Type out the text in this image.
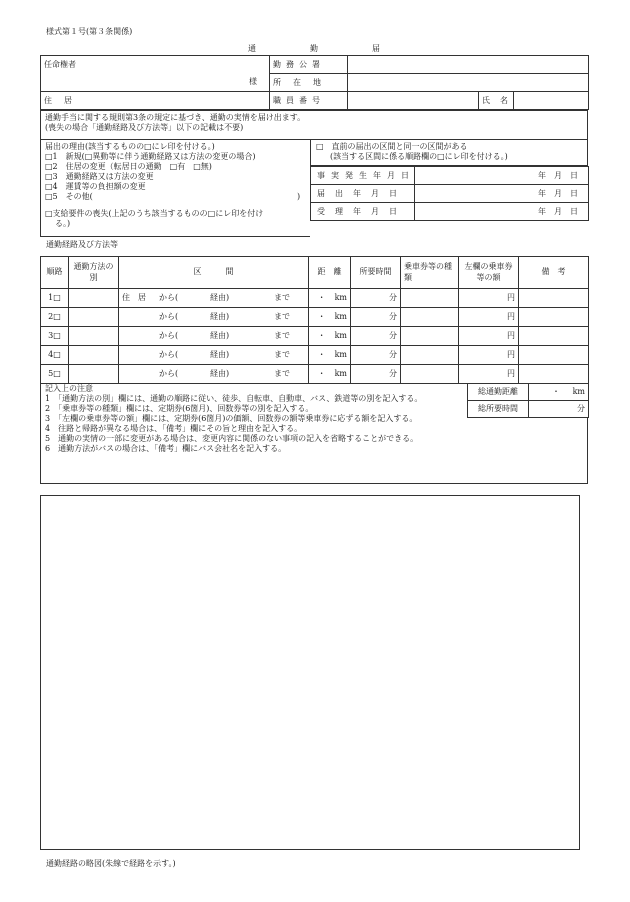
様式第１号(第３条関係)
通勤届
任命権者
様	勤務公署			
	所在地			
住居	職員番号		氏名	
通勤手当に関する規則第3条の規定に基づき、通勤の実情を届け出ます。
(喪失の場合「通勤経路及び方法等」以下の記載は不要)
届出の理由(該当するものの□にレ印を付ける。)
□1　新規(□異動等に伴う通勤経路又は方法の変更の場合)
□2　住居の変更（転居日の通勤　□有　□無)
□3　通勤経路又は方法の変更
□4　運賃等の負担額の変更
□5　その他(	)
□支給要件の喪失(上記のうち該当するものの□にレ印を付け
る。)
□　直前の届出の区間と同一の区間がある
(該当する区間に係る順路欄の□にレ印を付ける。)
事実発生年月日	年　月　日
届出年月日	年　月　日
受理年月日	年　月　日
通勤経路及び方法等
順路	通勤方法の別	区　　　間	距　離	所要時間	乗車券等の種類	左欄の乗車券等の額	備　考
1□		住　居 から( 経由) まで	・ km	分		円	
2□		から( 経由) まで	・ km	分		円	
3□		から( 経由) まで	・ km	分		円	
4□		から( 経由) まで	・ km	分		円	
5□		から( 経由) まで	・ km	分		円	
記入上の注意
1　「通勤方法の別」欄には、通勤の順路に従い、徒歩、自転車、自動車、バス、鉄道等の別を記入する。
2　「乗車券等の種類」欄には、定期券(6箇月)、回数券等の別を記入する。
3　「左欄の乗車券等の額」欄には、定期券(6箇月)の価額、回数券の額等乗車券に応ずる額を記入する。
4　往路と帰路が異なる場合は、「備考」欄にその旨と理由を記入する。
5　通勤の実情の一部に変更がある場合は、変更内容に関係のない事項の記入を省略することができる。
6　通勤方法がバスの場合は、「備考」欄にバス会社名を記入する。
総通勤距離	・ km
総所要時間	分
通勤経路の略図(朱線で経路を示す。)
